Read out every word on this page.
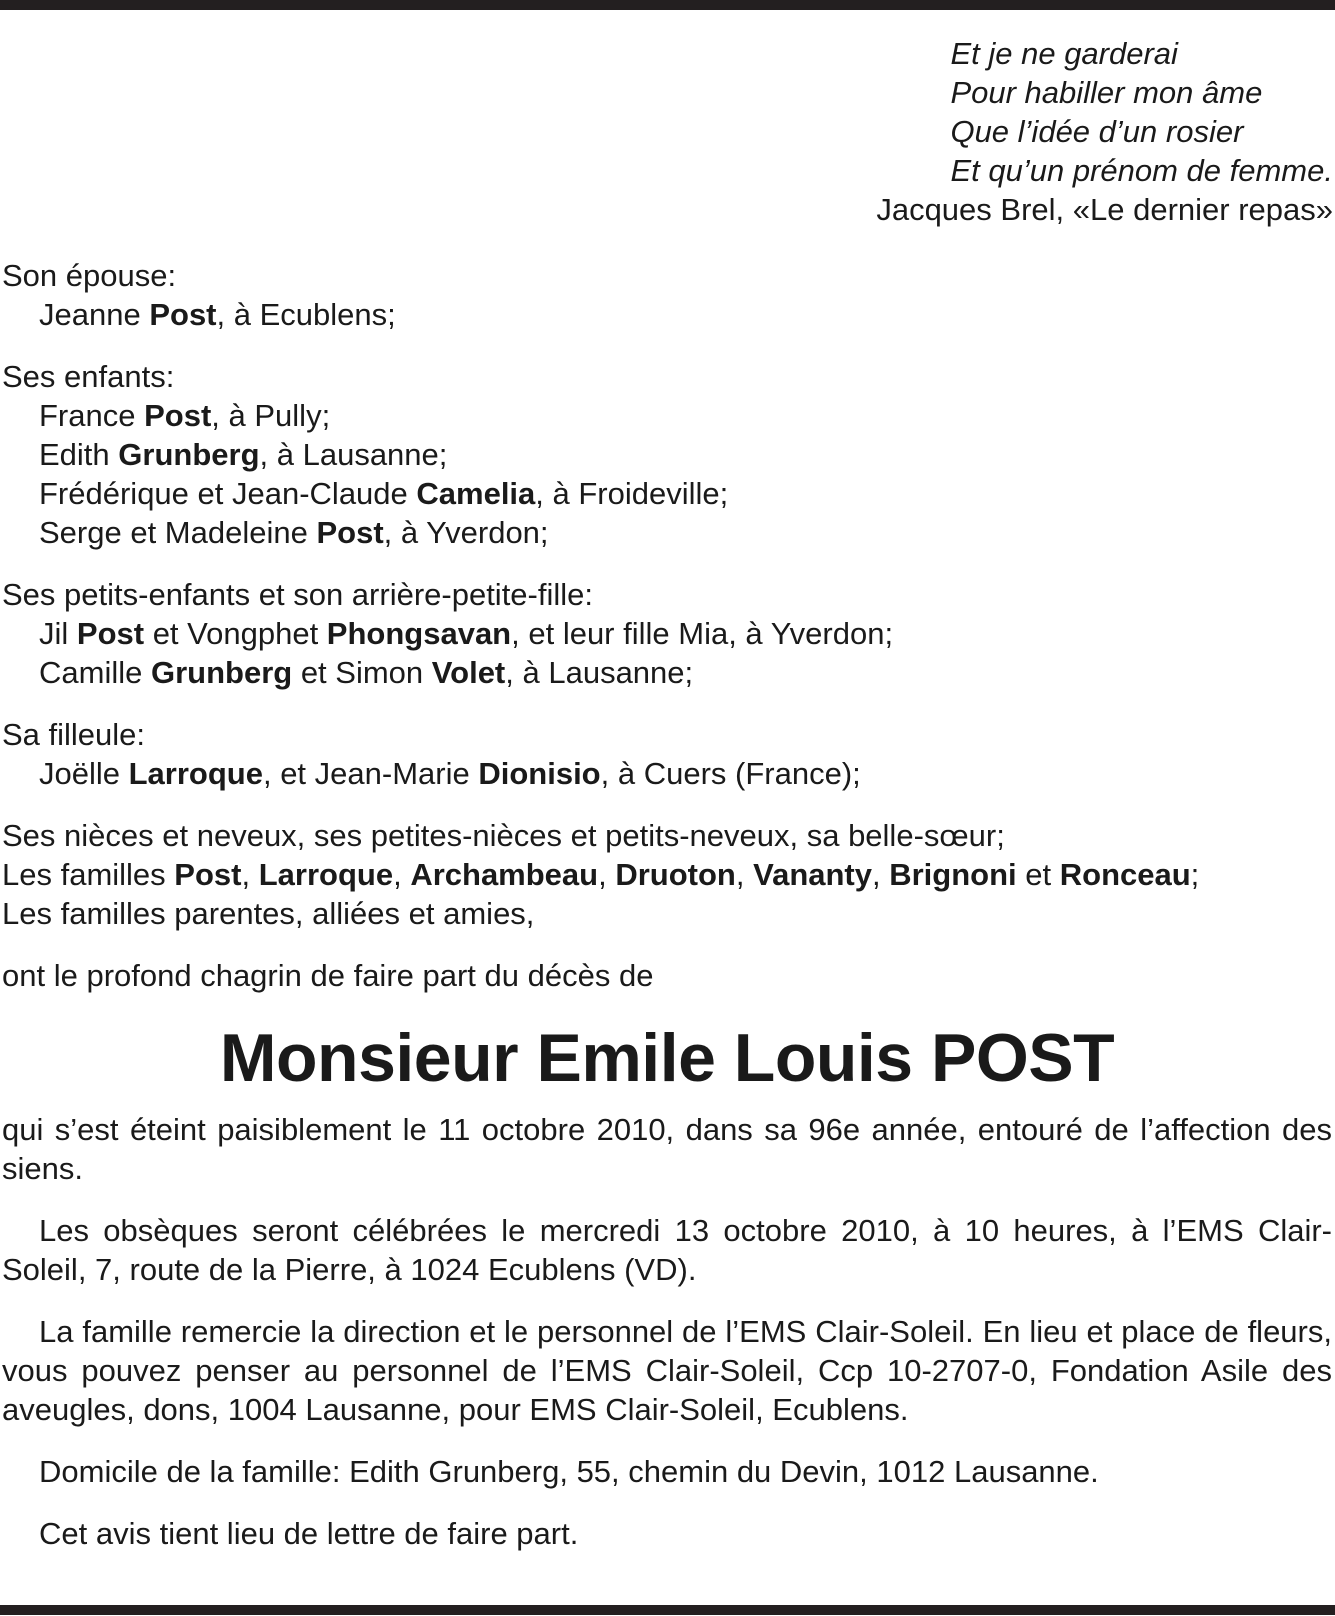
Et je ne garderai
Pour habiller mon âme
Que l’idée d’un rosier
Et qu’un prénom de femme.
Jacques Brel, «Le dernier repas»
Son épouse:
Jeanne Post, à Ecublens;
Ses enfants:
France Post, à Pully;
Edith Grunberg, à Lausanne;
Frédérique et Jean-Claude Camelia, à Froideville;
Serge et Madeleine Post, à Yverdon;
Ses petits-enfants et son arrière-petite-fille:
Jil Post et Vongphet Phongsavan, et leur fille Mia, à Yverdon;
Camille Grunberg et Simon Volet, à Lausanne;
Sa filleule:
Joëlle Larroque, et Jean-Marie Dionisio, à Cuers (France);
Ses nièces et neveux, ses petites-nièces et petits-neveux, sa belle-sœur;
Les familles Post, Larroque, Archambeau, Druoton, Vananty, Brignoni et Ronceau;
Les familles parentes, alliées et amies,
ont le profond chagrin de faire part du décès de
Monsieur Emile Louis POST
qui s’est éteint paisiblement le 11 octobre 2010, dans sa 96e année, entouré de l’affection des siens.
Les obsèques seront célébrées le mercredi 13 octobre 2010, à 10 heures, à l’EMS Clair-Soleil, 7, route de la Pierre, à 1024 Ecublens (VD).
La famille remercie la direction et le personnel de l’EMS Clair-Soleil. En lieu et place de fleurs, vous pouvez penser au personnel de l’EMS Clair-Soleil, Ccp 10-2707-0, Fondation Asile des aveugles, dons, 1004 Lausanne, pour EMS Clair-Soleil, Ecublens.
Domicile de la famille: Edith Grunberg, 55, chemin du Devin, 1012 Lausanne.
Cet avis tient lieu de lettre de faire part.
